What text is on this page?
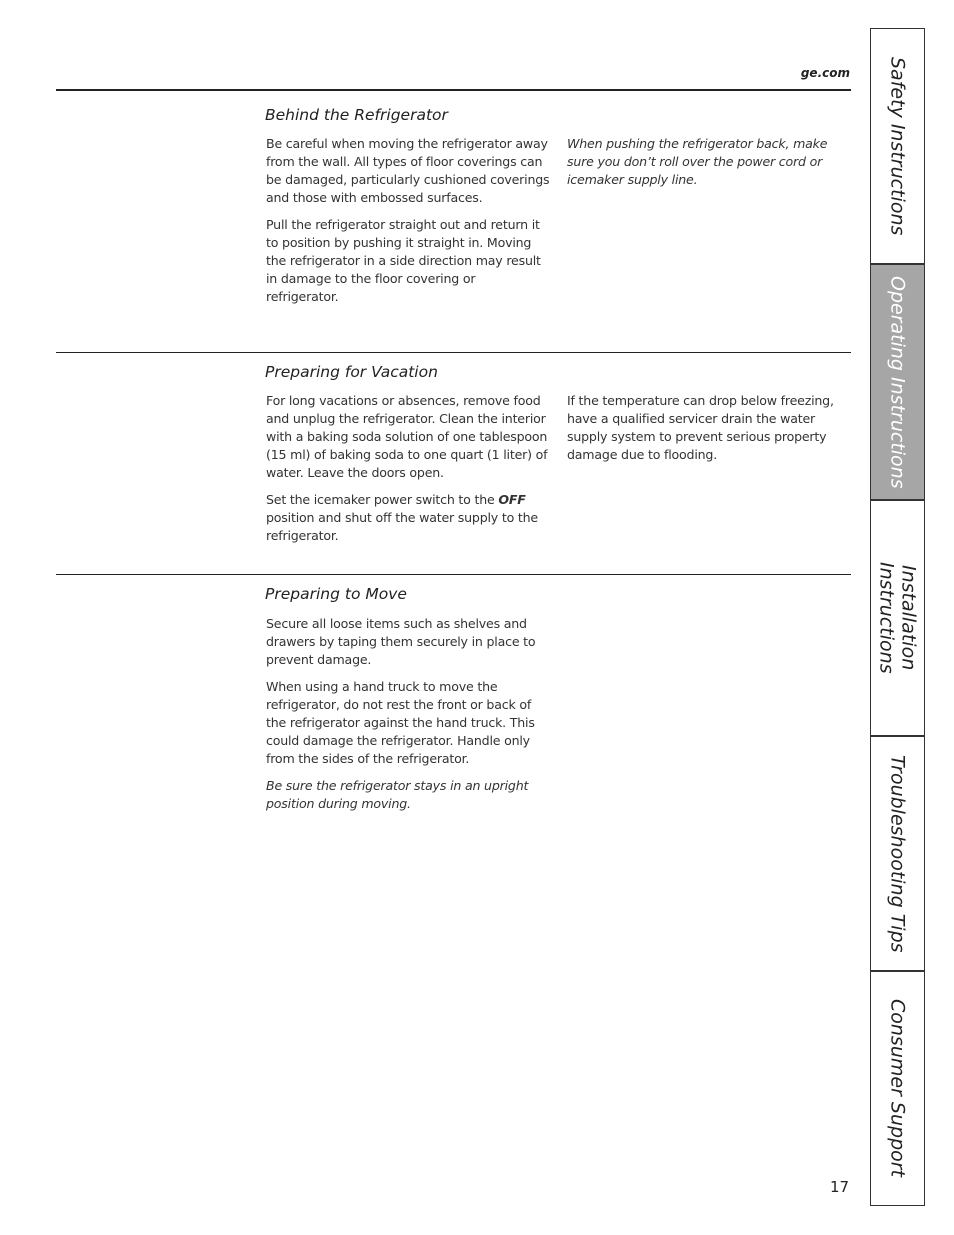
ge.com
Behind the Refrigerator

Be careful when moving the refrigerator away from the wall. All types of floor coverings can be damaged, particularly cushioned coverings and those with embossed surfaces.

Pull the refrigerator straight out and return it to position by pushing it straight in. Moving the refrigerator in a side direction may result in damage to the floor covering or refrigerator.

When pushing the refrigerator back, make sure you don’t roll over the power cord or icemaker supply line.

Preparing for Vacation

For long vacations or absences, remove food and unplug the refrigerator. Clean the interior with a baking soda solution of one tablespoon (15 ml) of baking soda to one quart (1 liter) of water. Leave the doors open.

Set the icemaker power switch to the OFF position and shut off the water supply to the refrigerator.

If the temperature can drop below freezing, have a qualified servicer drain the water supply system to prevent serious property damage due to flooding.

Preparing to Move

Secure all loose items such as shelves and drawers by taping them securely in place to prevent damage.

When using a hand truck to move the refrigerator, do not rest the front or back of the refrigerator against the hand truck. This could damage the refrigerator. Handle only from the sides of the refrigerator.

Be sure the refrigerator stays in an upright position during moving.

Safety Instructions
Operating Instructions
Installation Instructions
Troubleshooting Tips
Consumer Support
17
